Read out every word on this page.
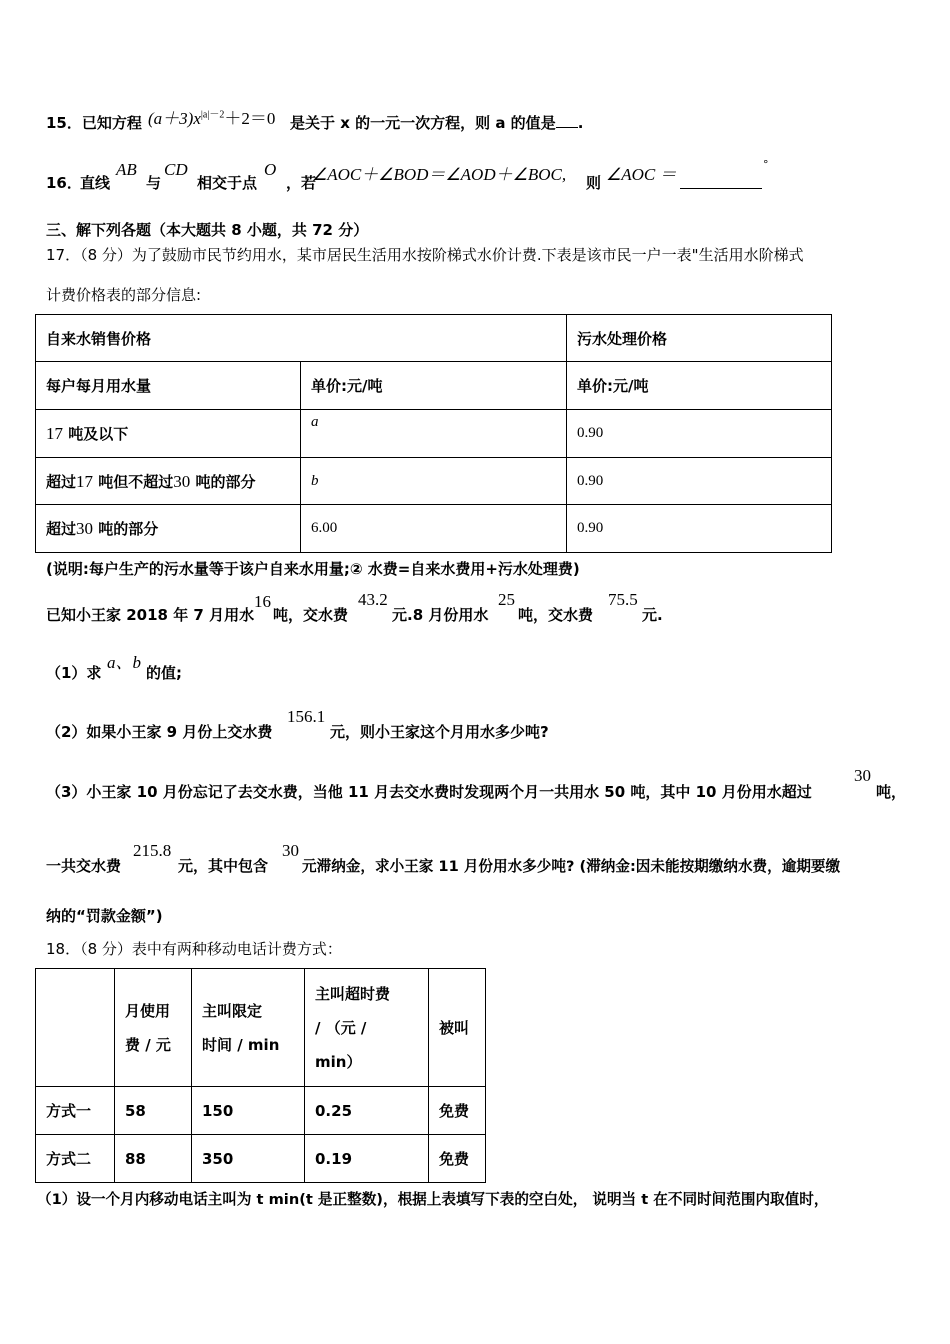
15．已知方程 $(a+3)x^{|a|-2}+2=0$ 是关于 x 的一元一次方程，则 a 的值是 .
16．
直线
AB
与
CD
相交于点
O
，若
∠AOC＋∠BOD＝∠AOD＋∠BOC, 则 ∠AOC ＝
°
三、解下列各题（本大题共 8 小题，共 72 分）
17．（8 分）为了鼓励市民节约用水，某市居民生活用水按阶梯式水价计费.下表是该市民一户一表"生活用水阶梯式
计费价格表的部分信息:
自来水销售价格		污水处理价格
每户每月用水量	单价:元/吨	单价:元/吨
17 吨及以下	a	0.90
超过17 吨但不超过30 吨的部分	b	0.90
超过30 吨的部分	6.00	0.90
(说明:每户生产的污水量等于该户自来水用量;② 水费=自来水费用+污水处理费)
已知小王家 2018 年 7 月用水
16
吨，交水费
43.2
元.8 月份用水
25
吨，交水费
75.5
元.
（1）求
a、b
的值;
（2）如果小王家 9 月份上交水费
156.1
元，则小王家这个月用水多少吨?
（3）小王家 10 月份忘记了去交水费，当他 11 月去交水费时发现两个月一共用水 50 吨，其中 10 月份用水超过
30
吨，
一共交水费
215.8
元，其中包含
30
元滞纳金，求小王家 11 月份用水多少吨? (滞纳金:因未能按期缴纳水费，逾期要缴
纳的“罚款金额”)
18．（8 分）表中有两种移动电话计费方式：
	月使用
费 / 元	主叫限定
时间 / min	主叫超时费
/ （元 /
min）	被叫
方式一	58	150	0.25	免费
方式二	88	350	0.19	免费
（1）设一个月内移动电话主叫为 t min(t 是正整数)，根据上表填写下表的空白处， 说明当 t 在不同时间范围内取值时，
